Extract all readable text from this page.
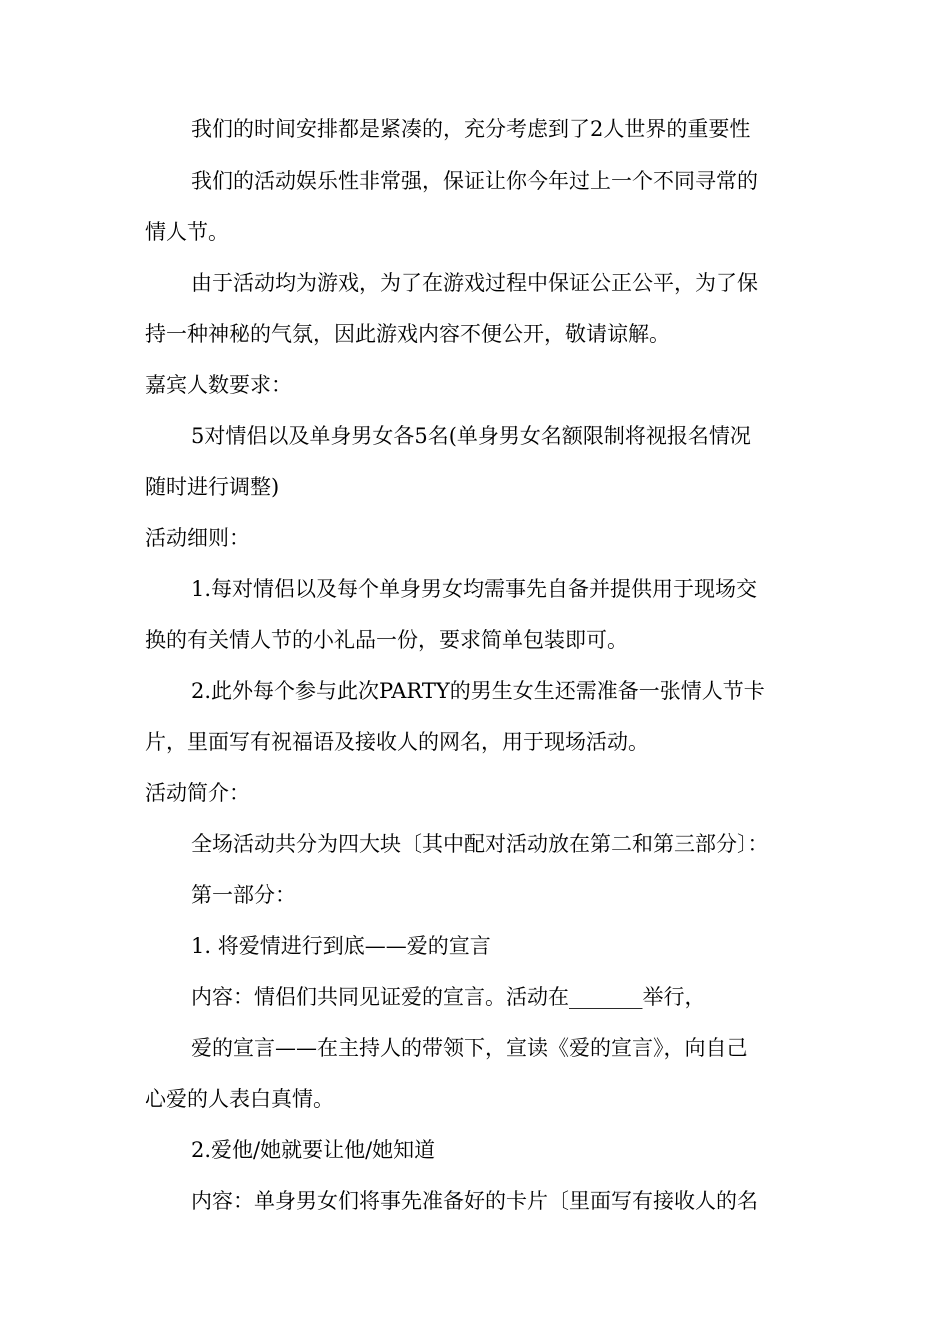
我们的时间安排都是紧凑的，充分考虑到了2人世界的重要性
我们的活动娱乐性非常强，保证让你今年过上一个不同寻常的
情人节。
由于活动均为游戏，为了在游戏过程中保证公正公平，为了保
持一种神秘的气氛，因此游戏内容不便公开，敬请谅解。
嘉宾人数要求：
5对情侣以及单身男女各5名(单身男女名额限制将视报名情况
随时进行调整)
活动细则：
1.每对情侣以及每个单身男女均需事先自备并提供用于现场交
换的有关情人节的小礼品一份，要求简单包装即可。
2.此外每个参与此次PARTY的男生女生还需准备一张情人节卡
片，里面写有祝福语及接收人的网名，用于现场活动。
活动简介：
全场活动共分为四大块〔其中配对活动放在第二和第三部分〕：
第一部分：
1. 将爱情进行到底——爱的宣言
内容：情侣们共同见证爱的宣言。活动在_______举行，
爱的宣言——在主持人的带领下，宣读《爱的宣言》，向自己
心爱的人表白真情。
2.爱他/她就要让他/她知道
内容：单身男女们将事先准备好的卡片〔里面写有接收人的名
